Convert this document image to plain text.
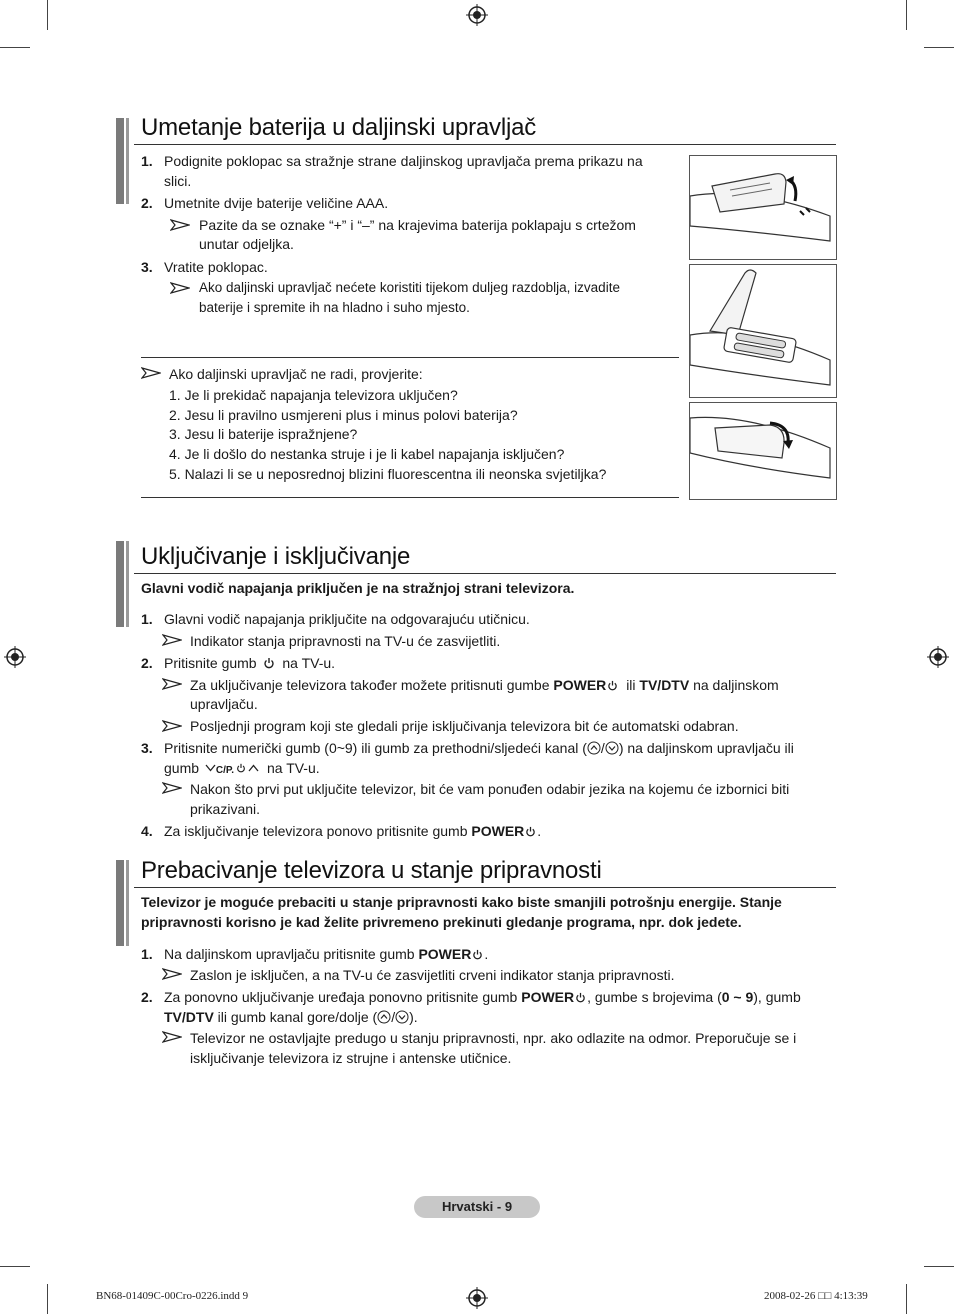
Umetanje baterija u daljinski upravljač
1. Podignite poklopac sa stražnje strane daljinskog upravljača prema prikazu na
slici.
2. Umetnite dvije baterije veličine AAA.
Pazite da se oznake “+” i “–” na krajevima baterija poklapaju s crtežom
unutar odjeljka.
3. Vratite poklopac.
Ako daljinski upravljač nećete koristiti tijekom duljeg razdoblja, izvadite
baterije i spremite ih na hladno i suho mjesto.
Ako daljinski upravljač ne radi, provjerite:
1. Je li prekidač napajanja televizora uključen?
2. Jesu li pravilno usmjereni plus i minus polovi baterija?
3. Jesu li baterije ispražnjene?
4. Je li došlo do nestanka struje i je li kabel napajanja isključen?
5. Nalazi li se u neposrednoj blizini fluorescentna ili neonska svjetiljka?
Uključivanje i isključivanje
Glavni vodič napajanja priključen je na stražnjoj strani televizora.
1. Glavni vodič napajanja priključite na odgovarajuću utičnicu.
Indikator stanja pripravnosti na TV-u će zasvijetliti.
2. Pritisnite gumb na TV-u.
Za uključivanje televizora također možete pritisnuti gumbe POWER ili TV/DTV na daljinskom
upravljaču.
Posljednji program koji ste gledali prije isključivanja televizora bit će automatski odabran.
3. Pritisnite numerički gumb (0~9) ili gumb za prethodni/sljedeći kanal ( / ) na daljinskom upravljaču ili
gumb C/P. na TV-u.
Nakon što prvi put uključite televizor, bit će vam ponuđen odabir jezika na kojemu će izbornici biti
prikazivani.
4. Za isključivanje televizora ponovo pritisnite gumb POWER .
Prebacivanje televizora u stanje pripravnosti
Televizor je moguće prebaciti u stanje pripravnosti kako biste smanjili potrošnju energije. Stanje
pripravnosti korisno je kad želite privremeno prekinuti gledanje programa, npr. dok jedete.
1. Na daljinskom upravljaču pritisnite gumb POWER .
Zaslon je isključen, a na TV-u će zasvijetliti crveni indikator stanja pripravnosti.
2. Za ponovno uključivanje uređaja ponovno pritisnite gumb POWER , gumbe s brojevima (0 ~ 9), gumb
TV/DTV ili gumb kanal gore/dolje ( / ).
Televizor ne ostavljajte predugo u stanju pripravnosti, npr. ako odlazite na odmor. Preporučuje se i
isključivanje televizora iz strujne i antenske utičnice.
Hrvatski - 9
BN68-01409C-00Cro-0226.indd 9	2008-02-26 □□ 4:13:39
